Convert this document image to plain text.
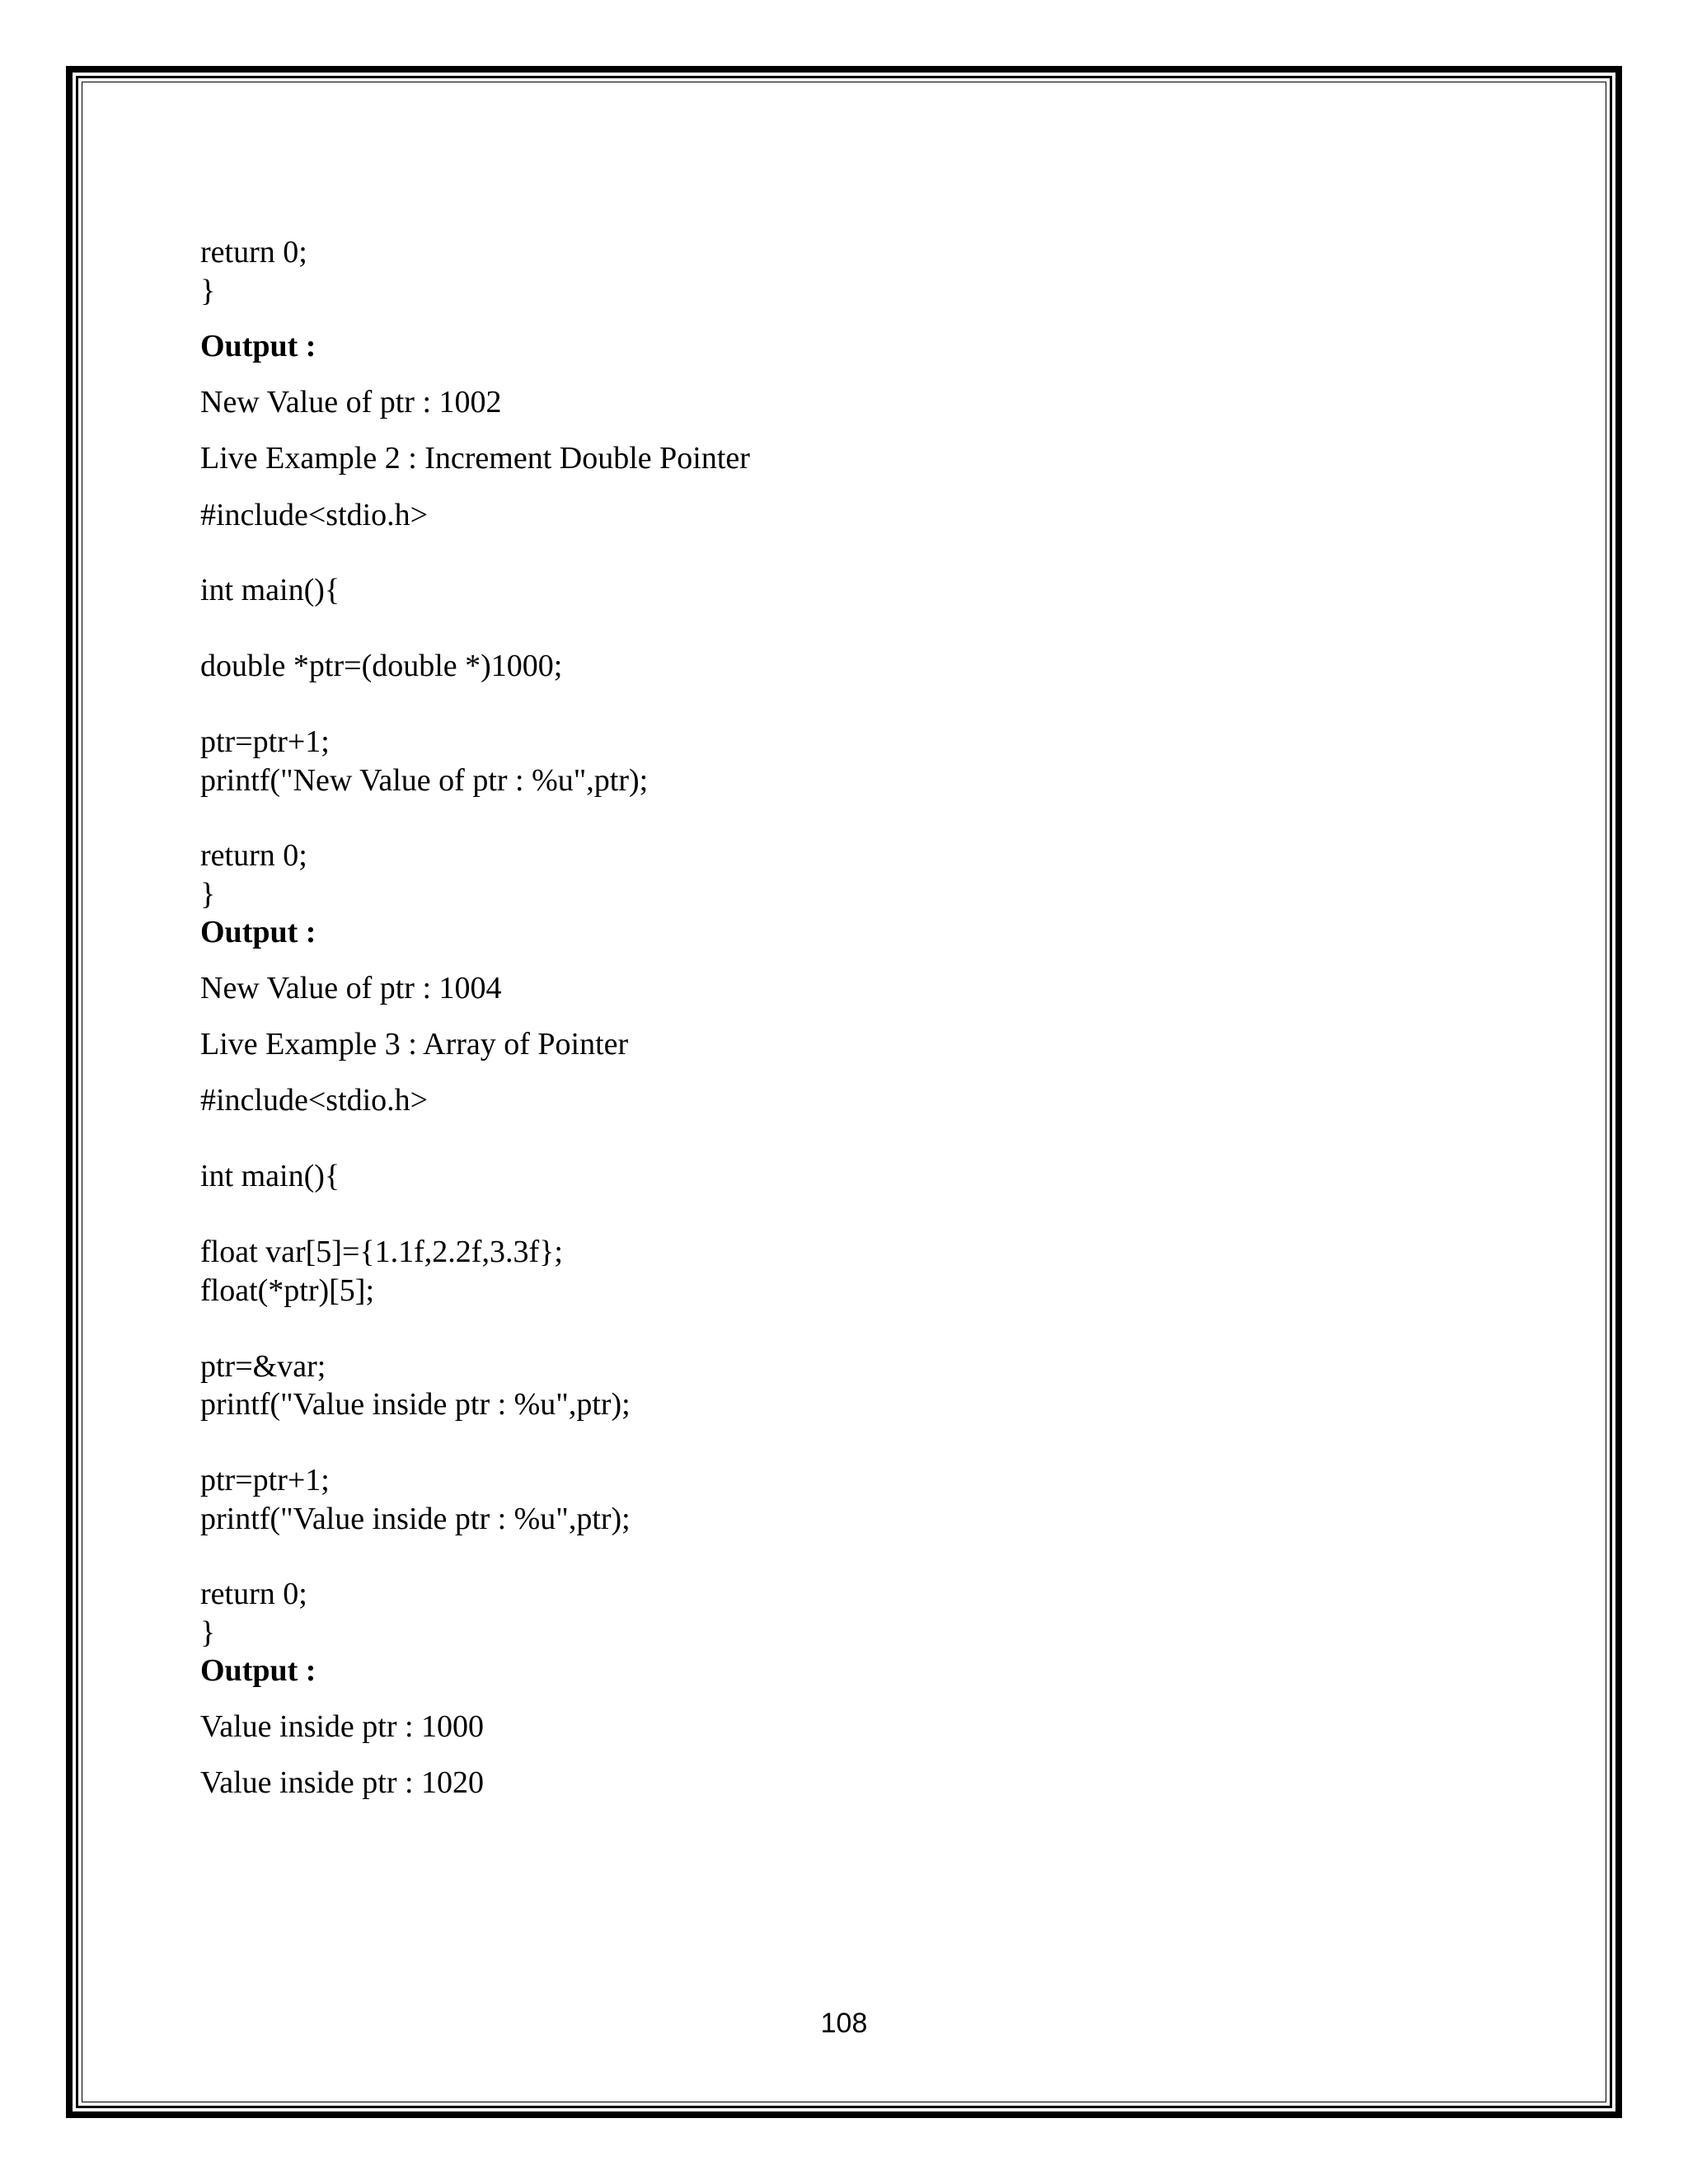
return 0;

}

Output :

New Value of ptr : 1002

Live Example 2 : Increment Double Pointer

#include<stdio.h>

int main(){

double *ptr=(double *)1000;

ptr=ptr+1;

printf("New Value of ptr : %u",ptr);

return 0;

}

Output :

New Value of ptr : 1004

Live Example 3 : Array of Pointer

#include<stdio.h>

int main(){

float var[5]={1.1f,2.2f,3.3f};

float(*ptr)[5];

ptr=&var;

printf("Value inside ptr : %u",ptr);

ptr=ptr+1;

printf("Value inside ptr : %u",ptr);

return 0;

}

Output :

Value inside ptr : 1000

Value inside ptr : 1020

108
